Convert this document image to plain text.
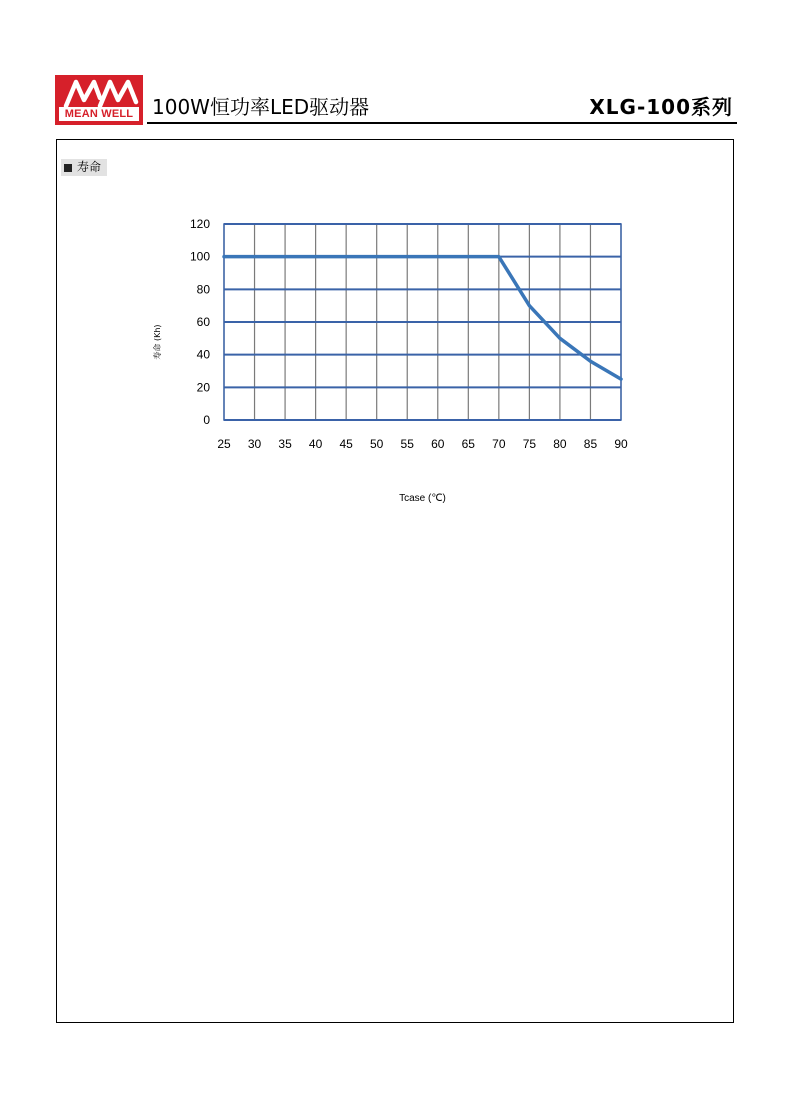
MEAN WELL 100W恒功率LED驱动器	XLG-100系列
寿命
0
20
40
60
80
100
120
25 30 35 40 45 50 55 60 65 70 75 80 85 90
Tcase (℃)
寿命 (Kh)
